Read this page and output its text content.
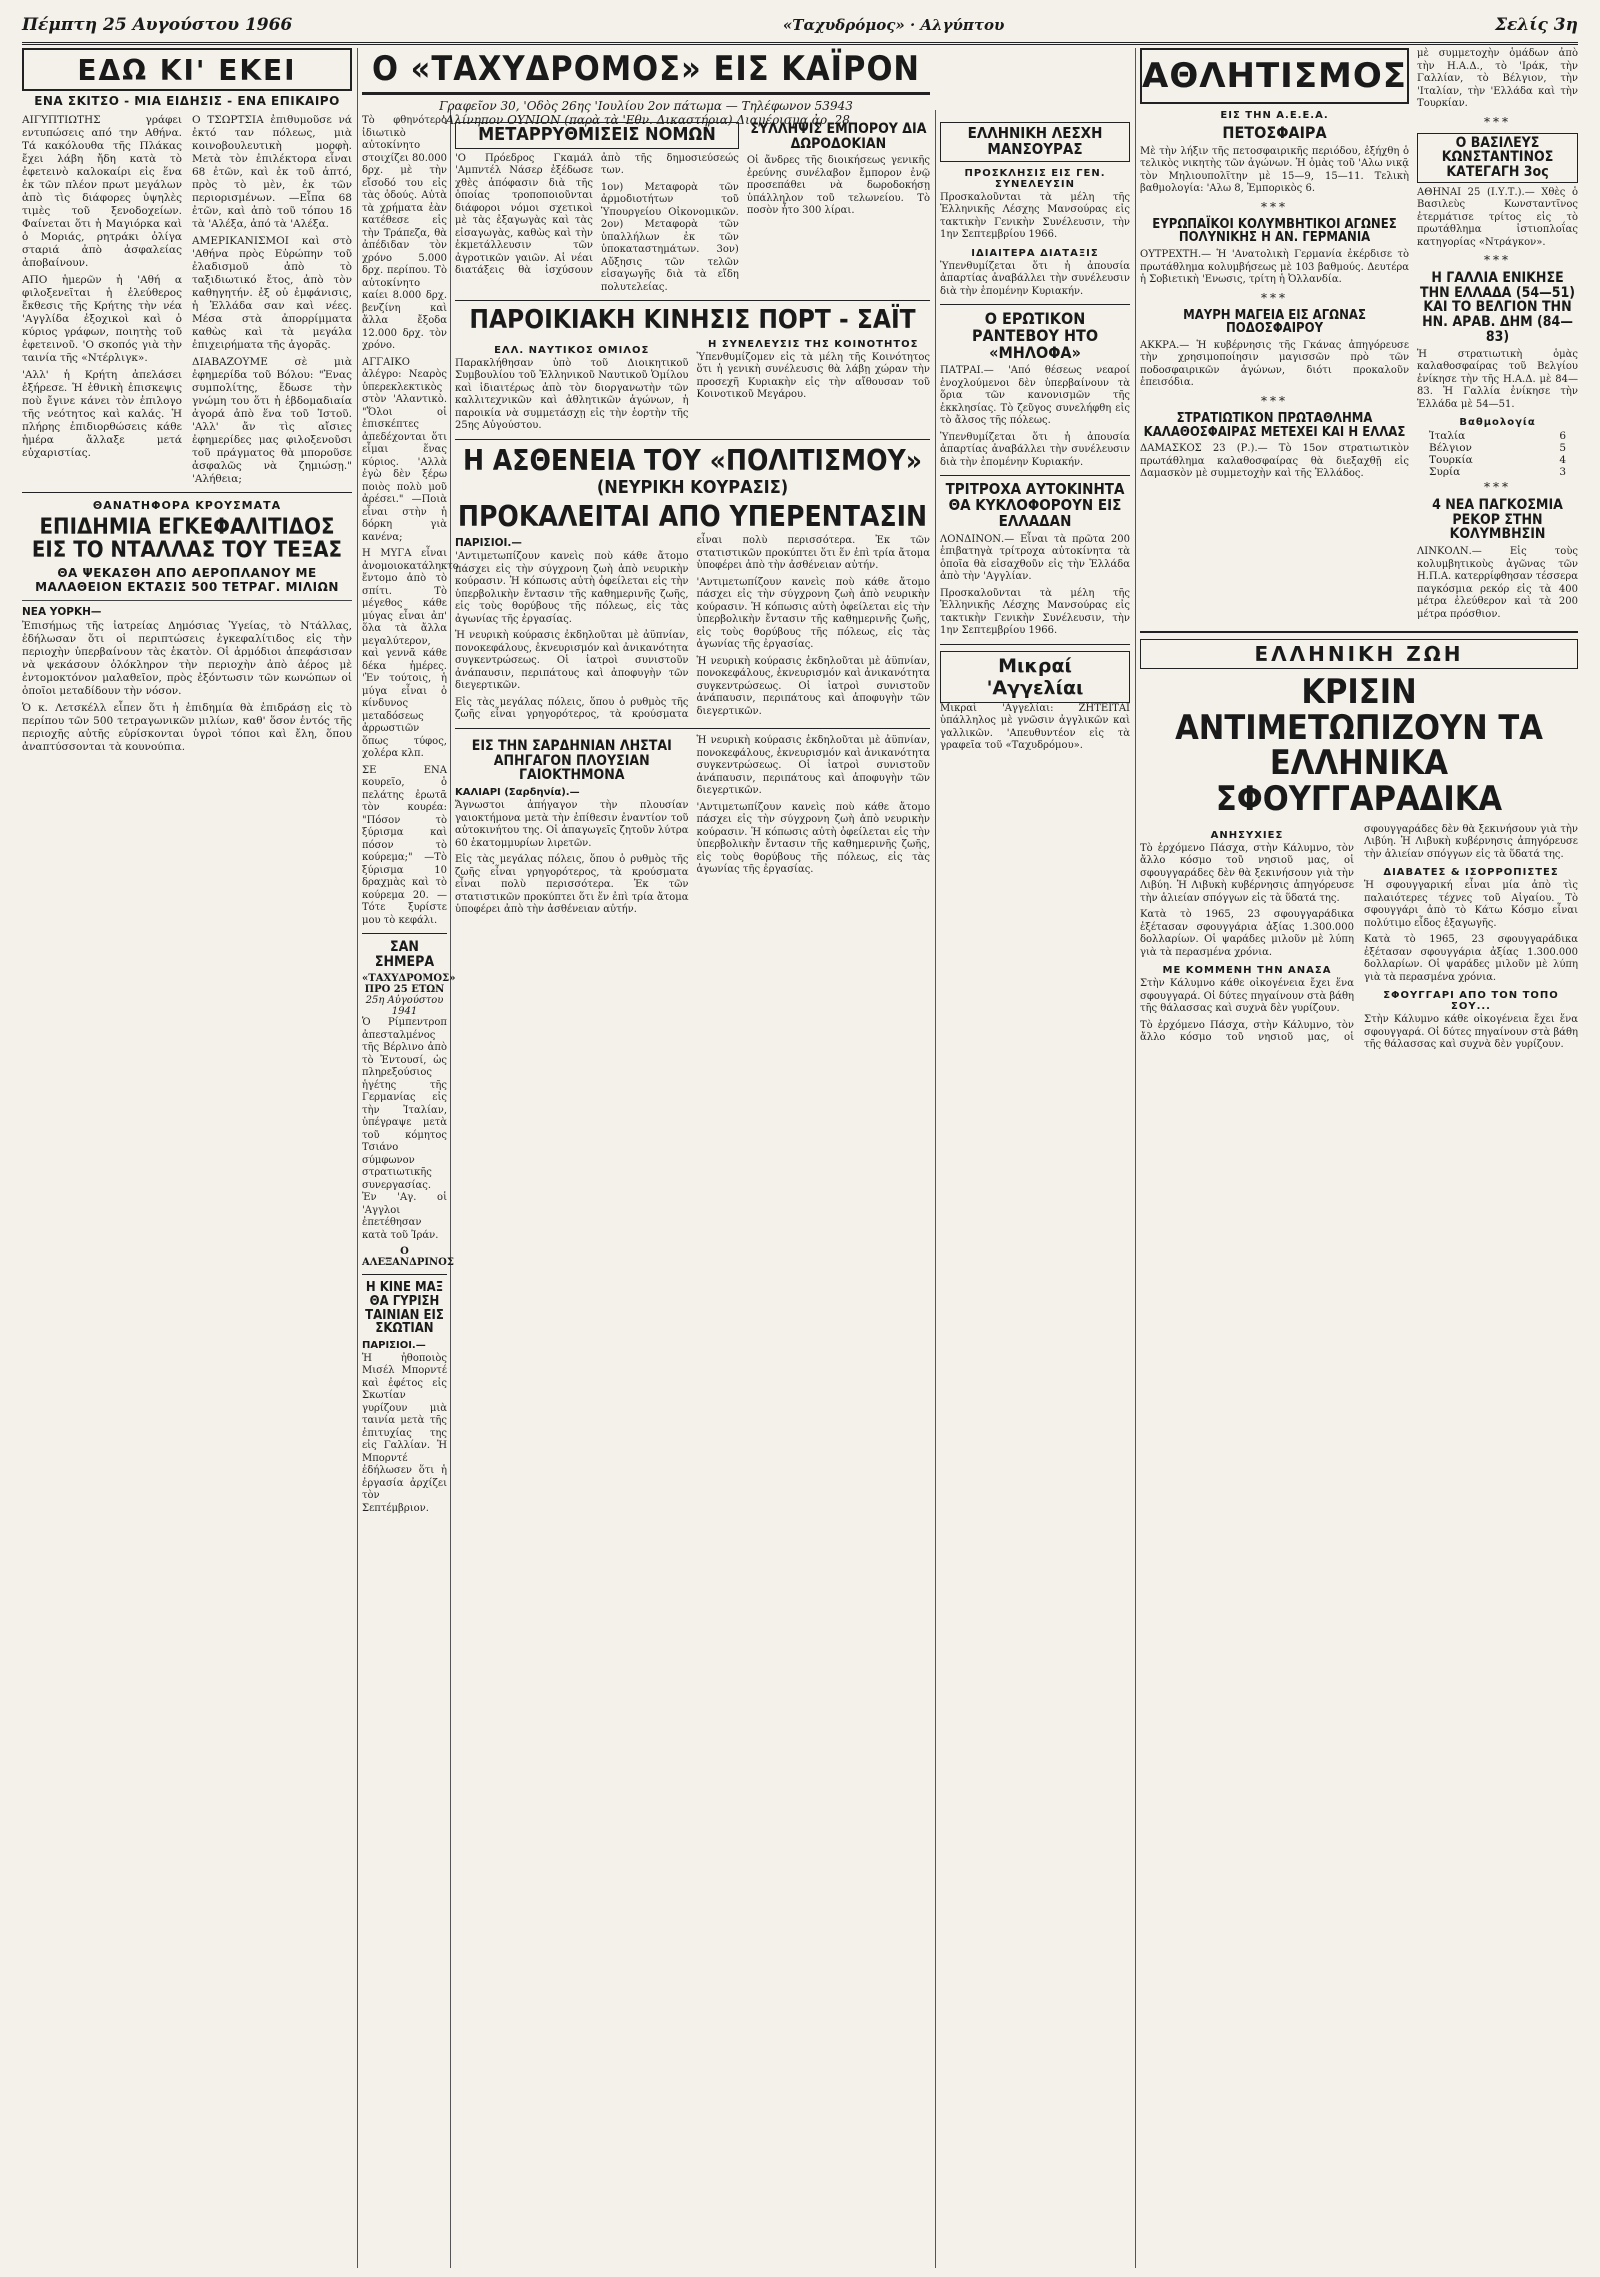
Πέμπτη 25 Αυγούστου 1966	«Ταχυδρόμος» · Αλγύπτου	Σελίς 3η
ΕΔΩ ΚΙ' ΕΚΕΙ
ΕΝΑ ΣΚΙΤΣΟ - ΜΙΑ ΕΙΔΗΣΙΣ - ΕΝΑ ΕΠΙΚΑΙΡΟ

ΑΙΓΥΠΤΙΩΤΗΣ γράφει εντυπώσεις από την Αθήνα. Τά κακόλουθα τῆς Πλάκας ἔχει λάβη ἤδη κατὰ τὸ ἐφετεινὸ καλοκαίρι εἰς ἕνα ἐκ τῶν πλέον πρωτ μεγάλων ἀπὸ τὶς διάφορες ὑψηλὲς τιμὲς τοῦ ξενοδοχείων. Φαίνεται ὅτι ἡ Μαγιόρκα καὶ ὁ Μοριάς, ρητράκι ὀλίγα σταριά ἀπὸ ἀσφαλείας ἀποβαίνουν.

ΑΠΟ ἡμερῶν ἡ 'Αθή α φιλοξενεῖται ἡ ἐλεύθερος ἔκθεσις τῆς Κρήτης τὴν νέα 'Αγγλίδα ἐξοχικοὶ καὶ ὁ κύριος γράφων, ποιητὴς τοῦ ἐφετεινοῦ. 'Ο σκοπός γιὰ τὴν ταινία τῆς «Ντέρλιγκ».

'Αλλ' ἡ Κρήτη ἀπελάσει ἐξήρεσε. Ἡ ἐθνικὴ ἐπισκεψις ποὺ ἔγινε κάνει τὸν ἐπιλογο τῆς νεότητος καὶ καλάς. Ἡ πλήρης ἐπιδιορθώσεις κάθε ἡμέρα ἄλλαξε μετά εὐχαριστίας.

Ο ΤΣΩΡΤΣΙΑ ἐπιθυμοῦσε νά ἐκτό ταν πόλεως, μιὰ κοινοβουλευτικὴ μορφὴ. Μετὰ τὸν ἐπιλέκτορα εἶναι 68 ἐτῶν, καὶ ἐκ τοῦ ἀπτό, πρὸς τὸ μὲν, ἐκ τῶν περιορισμένων. —Εἶπα 68 ἐτῶν, καὶ ἀπὸ τοῦ τόπου 1δ τὰ 'Αλέξα, ἀπό τὰ 'Αλέξα.

ΑΜΕΡΙΚΑΝΙΣΜΟΙ καὶ στὸ 'Αθήνα πρὸς Εὐρώπην τοῦ ἐλαδισμοῦ ἀπὸ τὸ ταξιδιωτικό ἔτος, ἀπὸ τὸν καθηγητήν. ἐξ οὐ ἐμφάνισις, ἡ Ἑλλάδα σαν καὶ νέες. Μέσα στὰ ἀπορρίμματα καθὼς καὶ τὰ μεγάλα ἐπιχειρήματα τῆς ἀγορᾶς.

ΔΙΑΒΑΖΟΥΜΕ σὲ μιὰ ἐφημερίδα τοῦ Βόλου: "Ἐνας συμπολίτης, ἔδωσε τὴν γνώμη του ὅτι ἡ ἑβδομαδιαία ἀγορά ἀπὸ ἕνα τοῦ Ἱστοῦ. 'Αλλ' ἄν τὶς αἴσιες ἐφημερίδες μας φιλοξενοῦσι τοῦ πράγματος θὰ μποροῦσε ἀσφαλῶς νὰ ζημιώσῃ." 'Αλήθεια;

ΘΑΝΑΤΗΦΟΡΑ ΚΡΟΥΣΜΑΤΑ
ΕΠΙΔΗΜΙΑ ΕΓΚΕΦΑΛΙΤΙΔΟΣ ΕΙΣ ΤΟ ΝΤΑΛΛΑΣ ΤΟΥ ΤΕΞΑΣ
ΘΑ ΨΕΚΑΣΘΗ ΑΠΟ ΑΕΡΟΠΛΑΝΟΥ ΜΕ ΜΑΛΑΘΕΙΟΝ ΕΚΤΑΣΙΣ 500 ΤΕΤΡΑΓ. ΜΙΛΙΩΝ
ΝΕΑ ΥΟΡΚΗ—

Ἐπισήμως τῆς ἰατρείας Δημόσιας Ὑγείας, τὸ Ντάλλας, ἐδήλωσαν ὅτι οἱ περιπτώσεις ἐγκεφαλίτιδος εἰς τὴν περιοχὴν ὑπερβαίνουν τὰς ἑκατὸν. Οἱ ἀρμόδιοι ἀπεφάσισαν νὰ ψεκάσουν ὁλόκληρον τὴν περιοχὴν ἀπὸ ἀέρος μὲ ἐντομοκτόνον μαλαθεῖον, πρὸς ἐξόντωσιν τῶν κωνώπων οἱ ὁποῖοι μεταδίδουν τὴν νόσον.

Ὁ κ. Λετσκέλλ εἶπεν ὅτι ἡ ἐπιδημία θὰ ἐπιδράσῃ εἰς τὸ περίπου τῶν 500 τετραγωνικῶν μιλίων, καθ' ὅσον ἐντός τῆς περιοχῆς αὐτῆς εὑρίσκονται ὑγροὶ τόποι καὶ ἔλη, ὅπου ἀναπτύσσονται τὰ κουνούπια.

Ο «ΤΑΧΥΔΡΟΜΟΣ» ΕΙΣ ΚΑΪΡΟΝ
Γραφεῖον 30, 'Οδὸς 26ης 'Ιουλίου 2ον πάτωμα — Τηλέφωνον 53943
'Αλίνηπον ΟΥΝΙΟΝ (παρὰ τὰ 'Εθν. Δικαστήρια) Διαμέρισμα ἀρ. 28

Τὸ φθηνότερο ἰδιωτικὸ αὐτοκίνητο στοιχίζει 80.000 δρχ. μὲ τὴν εἴσοδό του εἰς τὰς ὁδούς. Αὐτὰ τὰ χρήματα ἐὰν κατέθεσε εἰς τὴν Τράπεζα, θὰ ἀπέδιδαν τὸν χρόνο 5.000 δρχ. περίπου. Τὸ αὐτοκίνητο καίει 8.000 δρχ. βενζίνη καὶ ἄλλα ἔξοδα 12.000 δρχ. τὸν χρόνο.

ΑΓΓΑΙΚΟ ἀλέγρο: Νεαρὸς ὑπερεκλεκτικὸς στὸν 'Αλαντικὸ. "Ὅλοι οἱ ἐπισκέπτες ἀπεδέχονται ὅτι εἶμαι ἕνας κύριος. 'Αλλὰ ἐγὼ δὲν ξέρω ποιὸς πολὺ μοῦ ἀρέσει." —Ποιὰ εἶναι στὴν ἡ δόρκη γιὰ κανένα;

Η ΜΥΓΑ εἶναι ἀνομοιοκατάληκτο ἔντομο ἀπὸ τὸ σπίτι. Τὸ μέγεθος κάθε μύγας εἶναι ἀπ' ὅλα τὰ ἄλλα μεγαλύτερον, καὶ γεννᾶ κάθε δέκα ἡμέρες. 'Ἐν τούτοις, ἡ μύγα εἶναι ὁ κίνδυνος μεταδόσεως ἀρρωστιῶν ὅπως τύφος, χολέρα κλπ.

ΣΕ ΕΝΑ κουρεῖο, ὁ πελάτης ἐρωτᾶ τὸν κουρέα: "Πόσον τὸ ξύρισμα καὶ πόσον τὸ κούρεμα;" —Τὸ ξύρισμα 10 δραχμὰς καὶ τὸ κούρεμα 20. —Τότε ξυρίστε μου τὸ κεφάλι.

ΣΑΝ ΣΗΜΕΡΑ
«ΤΑΧΥΔΡΟΜΟΣ» ΠΡΟ 25 ΕΤΩΝ
25η Αὐγούστου 1941

Ὁ Ρίμπεντροπ ἀπεσταλμένος τῆς Βέρλινο ἀπὸ τὸ Ἐντουσί, ὡς πληρεξούσιος ἡγέτης τῆς Γερμανίας εἰς τὴν Ἰταλίαν, ὑπέγραψε μετὰ τοῦ κόμητος Τσιάνο σύμφωνον στρατιωτικῆς συνεργασίας. Ἐν 'Αγ. οἱ 'Αγγλοι ἐπετέθησαν κατὰ τοῦ Ἰράν.

Ο ΑΛΕΞΑΝΔΡΙΝΟΣ
Η ΚΙΝΕ ΜΑΞ ΘΑ ΓΥΡΙΣΗ ΤΑΙΝΙΑΝ ΕΙΣ ΣΚΩΤΙΑΝ
ΠΑΡΙΣΙΟΙ.—

Ἡ ἠθοποιὸς Μισέλ Μπορντέ καὶ ἐφέτος εἰς Σκωτίαν γυρίζουν μιὰ ταινία μετὰ τῆς ἐπιτυχίας της εἰς Γαλλίαν. Ἡ Μπορντέ ἐδήλωσεν ὅτι ἡ ἐργασία ἀρχίζει τὸν Σεπτέμβριον.

ΜΕΤΑΡΡΥΘΜΙΣΕΙΣ ΝΟΜΩΝ

'Ο Πρόεδρος Γκαμάλ 'Αμπντέλ Νάσερ ἐξέδωσε χθὲς ἀπόφασιν διὰ τῆς ὁποίας τροποποιοῦνται διάφοροι νόμοι σχετικοὶ μὲ τὰς ἐξαγωγὰς καὶ τὰς εἰσαγωγὰς, καθὼς καὶ τὴν ἐκμετάλλευσιν τῶν ἀγροτικῶν γαιῶν. Αἱ νέαι διατάξεις θὰ ἰσχύσουν ἀπὸ τῆς δημοσιεύσεώς των.

1ον) Μεταφορὰ τῶν ἀρμοδιοτήτων τοῦ Ὑπουργείου Οἰκονομικῶν. 2ον) Μεταφορὰ τῶν ὑπαλλήλων ἐκ τῶν ὑποκαταστημάτων. 3ον) Αὔξησις τῶν τελῶν εἰσαγωγῆς διὰ τὰ εἴδη πολυτελείας.

ΣΥΛΛΗΨΙΣ ΕΜΠΟΡΟΥ ΔΙΑ ΔΩΡΟΔΟΚΙΑΝ

Οἱ ἄνδρες τῆς διοικήσεως γενικῆς ἐρεύνης συνέλαβον ἔμπορον ἐνῷ προσεπάθει νὰ δωροδοκήσῃ ὑπάλληλον τοῦ τελωνείου. Τὸ ποσὸν ἦτο 300 λίραι.

ΠΑΡΟΙΚΙΑΚΗ ΚΙΝΗΣΙΣ ΠΟΡΤ - ΣΑΪΤ
ΕΛΛ. ΝΑΥΤΙΚΟΣ ΟΜΙΛΟΣ

Παρακλήθησαν ὑπὸ τοῦ Διοικητικοῦ Συμβουλίου τοῦ Ἑλληνικοῦ Ναυτικοῦ Ὁμίλου καὶ ἰδιαιτέρως ἀπὸ τὸν διοργανωτὴν τῶν καλλιτεχνικῶν καὶ ἀθλητικῶν ἀγώνων, ἡ παροικία νὰ συμμετάσχῃ εἰς τὴν ἑορτὴν τῆς 25ης Αὐγούστου.

Η ΣΥΝΕΛΕΥΣΙΣ ΤΗΣ ΚΟΙΝΟΤΗΤΟΣ

Ὑπενθυμίζομεν εἰς τὰ μέλη τῆς Κοινότητος ὅτι ἡ γενικὴ συνέλευσις θὰ λάβῃ χώραν τὴν προσεχῆ Κυριακὴν εἰς τὴν αἴθουσαν τοῦ Κοινοτικοῦ Μεγάρου.

Η ΑΣΘΕΝΕΙΑ ΤΟΥ «ΠΟΛΙΤΙΣΜΟΥ»
(ΝΕΥΡΙΚΗ ΚΟΥΡΑΣΙΣ)
ΠΡΟΚΑΛΕΙΤΑΙ ΑΠΟ ΥΠΕΡΕΝΤΑΣΙΝ
ΠΑΡΙΣΙΟΙ.—

'Αντιμετωπίζουν κανεὶς ποὺ κάθε ἄτομο πάσχει εἰς τὴν σύγχρονη ζωὴ ἀπὸ νευρικὴν κούρασιν. Ἡ κόπωσις αὐτὴ ὀφείλεται εἰς τὴν ὑπερβολικὴν ἔντασιν τῆς καθημερινῆς ζωῆς, εἰς τοὺς θορύβους τῆς πόλεως, εἰς τὰς ἀγωνίας τῆς ἐργασίας.

Ἡ νευρικὴ κούρασις ἐκδηλοῦται μὲ ἀϋπνίαν, πονοκεφάλους, ἐκνευρισμόν καὶ ἀνικανότητα συγκεντρώσεως. Οἱ ἰατροὶ συνιστοῦν ἀνάπαυσιν, περιπάτους καὶ ἀποφυγὴν τῶν διεγερτικῶν.

Εἰς τὰς μεγάλας πόλεις, ὅπου ὁ ρυθμὸς τῆς ζωῆς εἶναι γρηγορότερος, τὰ κρούσματα εἶναι πολὺ περισσότερα. Ἐκ τῶν στατιστικῶν προκύπτει ὅτι ἕν ἐπὶ τρία ἄτομα ὑποφέρει ἀπὸ τὴν ἀσθένειαν αὐτήν.

'Αντιμετωπίζουν κανεὶς ποὺ κάθε ἄτομο πάσχει εἰς τὴν σύγχρονη ζωὴ ἀπὸ νευρικὴν κούρασιν. Ἡ κόπωσις αὐτὴ ὀφείλεται εἰς τὴν ὑπερβολικὴν ἔντασιν τῆς καθημερινῆς ζωῆς, εἰς τοὺς θορύβους τῆς πόλεως, εἰς τὰς ἀγωνίας τῆς ἐργασίας.

Ἡ νευρικὴ κούρασις ἐκδηλοῦται μὲ ἀϋπνίαν, πονοκεφάλους, ἐκνευρισμόν καὶ ἀνικανότητα συγκεντρώσεως. Οἱ ἰατροὶ συνιστοῦν ἀνάπαυσιν, περιπάτους καὶ ἀποφυγὴν τῶν διεγερτικῶν.

ΕΙΣ ΤΗΝ ΣΑΡΔΗΝΙΑΝ ΛΗΣΤΑΙ ΑΠΗΓΑΓΟΝ ΠΛΟΥΣΙΑΝ ΓΑΙΟΚΤΗΜΟΝΑ
ΚΑΛΙΑΡΙ (Σαρδηνία).—

Ἄγνωστοι ἀπήγαγον τὴν πλουσίαν γαιοκτήμονα μετὰ τὴν ἐπίθεσιν ἐναντίον τοῦ αὐτοκινήτου της. Οἱ ἀπαγωγεῖς ζητοῦν λύτρα 60 ἑκατομμυρίων λιρετῶν.

Εἰς τὰς μεγάλας πόλεις, ὅπου ὁ ρυθμὸς τῆς ζωῆς εἶναι γρηγορότερος, τὰ κρούσματα εἶναι πολὺ περισσότερα. Ἐκ τῶν στατιστικῶν προκύπτει ὅτι ἕν ἐπὶ τρία ἄτομα ὑποφέρει ἀπὸ τὴν ἀσθένειαν αὐτήν.

Ἡ νευρικὴ κούρασις ἐκδηλοῦται μὲ ἀϋπνίαν, πονοκεφάλους, ἐκνευρισμόν καὶ ἀνικανότητα συγκεντρώσεως. Οἱ ἰατροὶ συνιστοῦν ἀνάπαυσιν, περιπάτους καὶ ἀποφυγὴν τῶν διεγερτικῶν.

'Αντιμετωπίζουν κανεὶς ποὺ κάθε ἄτομο πάσχει εἰς τὴν σύγχρονη ζωὴ ἀπὸ νευρικὴν κούρασιν. Ἡ κόπωσις αὐτὴ ὀφείλεται εἰς τὴν ὑπερβολικὴν ἔντασιν τῆς καθημερινῆς ζωῆς, εἰς τοὺς θορύβους τῆς πόλεως, εἰς τὰς ἀγωνίας τῆς ἐργασίας.

ΕΛΛΗΝΙΚΗ ΛΕΣΧΗ ΜΑΝΣΟΥΡΑΣ
ΠΡΟΣΚΛΗΣΙΣ ΕΙΣ ΓΕΝ. ΣΥΝΕΛΕΥΣΙΝ

Προσκαλοῦνται τὰ μέλη τῆς Ἑλληνικῆς Λέσχης Μανσούρας εἰς τακτικὴν Γενικὴν Συνέλευσιν, τὴν 1ην Σεπτεμβρίου 1966.

ΙΔΙΑΙΤΕΡΑ ΔΙΑΤΑΞΙΣ

Ὑπενθυμίζεται ὅτι ἡ ἀπουσία ἀπαρτίας ἀναβάλλει τὴν συνέλευσιν διὰ τὴν ἑπομένην Κυριακήν.

Ο ΕΡΩΤΙΚΟΝ ΡΑΝΤΕΒΟΥ ΗΤΟ «ΜΗΛΟΦΑ»

ΠΑΤΡΑΙ.— 'Από θέσεως νεαροί ἐνοχλούμενοι δὲν ὑπερβαίνουν τὰ ὅρια τῶν κανονισμῶν τῆς ἐκκλησίας. Τὸ ζεῦγος συνελήφθη εἰς τὸ ἄλσος τῆς πόλεως.

Ὑπενθυμίζεται ὅτι ἡ ἀπουσία ἀπαρτίας ἀναβάλλει τὴν συνέλευσιν διὰ τὴν ἑπομένην Κυριακήν.

ΤΡΙΤΡΟΧΑ ΑΥΤΟΚΙΝΗΤΑ ΘΑ ΚΥΚΛΟΦΟΡΟΥΝ ΕΙΣ ΕΛΛΑΔΑΝ

ΛΟΝΔΙΝΟΝ.— Εἶναι τὰ πρῶτα 200 ἐπιβατηγὰ τρίτροχα αὐτοκίνητα τὰ ὁποῖα θὰ εἰσαχθοῦν εἰς τὴν Ἑλλάδα ἀπὸ τὴν 'Αγγλίαν.

Προσκαλοῦνται τὰ μέλη τῆς Ἑλληνικῆς Λέσχης Μανσούρας εἰς τακτικὴν Γενικὴν Συνέλευσιν, τὴν 1ην Σεπτεμβρίου 1966.

Μικραί 'Αγγελίαι

Μικραὶ 'Αγγελίαι: ΖΗΤΕΙΤΑΙ ὑπάλληλος μὲ γνῶσιν ἀγγλικῶν καὶ γαλλικῶν. 'Απευθυντέον εἰς τὰ γραφεῖα τοῦ «Ταχυδρόμου».

ΑΘΛΗΤΙΣΜΟΣ
ΕΙΣ ΤΗΝ Α.Ε.Ε.Α.
ΠΕΤΟΣΦΑΙΡΑ

Μὲ τὴν λήξιν τῆς πετοσφαιρικῆς περιόδου, ἐξήχθη ὁ τελικὸς νικητὴς τῶν ἀγώνων. Ἡ ὁμὰς τοῦ 'Αλω νικᾷ τὸν Μηλιουπολῖτην μὲ 15—9, 15—11. Τελικὴ βαθμολογία: 'Αλω 8, Ἐμπορικὸς 6.

***
ΕΥΡΩΠΑΪΚΟΙ ΚΟΛΥΜΒΗΤΙΚΟΙ ΑΓΩΝΕΣ ΠΟΛΥΝΙΚΗΣ Η ΑΝ. ΓΕΡΜΑΝΙΑ

ΟΥΤΡΕΧΤΗ.— Ἡ 'Ανατολικὴ Γερμανία ἐκέρδισε τὸ πρωτάθλημα κολυμβήσεως μὲ 103 βαθμούς. Δευτέρα ἡ Σοβιετικὴ 'Ενωσις, τρίτη ἡ Ὀλλανδία.

***
ΜΑΥΡΗ ΜΑΓΕΙΑ ΕΙΣ ΑΓΩΝΑΣ ΠΟΔΟΣΦΑΙΡΟΥ

ΑΚΚΡΑ.— Ἡ κυβέρνησις τῆς Γκάνας ἀπηγόρευσε τὴν χρησιμοποίησιν μαγισσῶν πρὸ τῶν ποδοσφαιρικῶν ἀγώνων, διότι προκαλοῦν ἐπεισόδια.

***
ΣΤΡΑΤΙΩΤΙΚΟΝ ΠΡΩΤΑΘΛΗΜΑ ΚΑΛΑΘΟΣΦΑΙΡΑΣ ΜΕΤΕΧΕΙ ΚΑΙ Η ΕΛΛΑΣ

ΔΑΜΑΣΚΟΣ 23 (Ρ.).— Τὸ 15ον στρατιωτικὸν πρωτάθλημα καλαθοσφαίρας θὰ διεξαχθῇ εἰς Δαμασκὸν μὲ συμμετοχὴν καὶ τῆς Ἑλλάδος.

μὲ συμμετοχὴν ὁμάδων ἀπὸ τὴν Η.Α.Δ., τὸ 'Ιράκ, τὴν Γαλλίαν, τὸ Βέλγιον, τὴν 'Ιταλίαν, τὴν 'Ελλάδα καὶ τὴν Τουρκίαν.

***
Ο ΒΑΣΙΛΕΥΣ ΚΩΝΣΤΑΝΤΙΝΟΣ ΚΑΤΕΓΑΓΗ 3ος

ΑΘΗΝΑΙ 25 (Ι.Υ.Τ.).— Χθὲς ὁ Βασιλεὺς Κωνσταντῖνος ἐτερμάτισε τρίτος εἰς τὸ πρωτάθλημα ἱστιοπλοΐας κατηγορίας «Ντράγκον».

***
Η ΓΑΛΛΙΑ ΕΝΙΚΗΣΕ ΤΗΝ ΕΛΛΑΔΑ (54—51) ΚΑΙ ΤΟ ΒΕΛΓΙΟΝ ΤΗΝ ΗΝ. ΑΡΑΒ. ΔΗΜ (84—83)

Ἡ στρατιωτικὴ ὁμὰς καλαθοσφαίρας τοῦ Βελγίου ἐνίκησε τὴν τῆς Η.Α.Δ. μὲ 84—83. Ἡ Γαλλία ἐνίκησε τὴν Ἑλλάδα μὲ 54—51.

Βαθμολογία
Ἰταλία	6
Βέλγιον	5
Τουρκία	4
Συρία	3
***
4 ΝΕΑ ΠΑΓΚΟΣΜΙΑ ΡΕΚΟΡ ΣΤΗΝ ΚΟΛΥΜΒΗΣΙΝ

ΛΙΝΚΟΛΝ.— Εἰς τοὺς κολυμβητικοὺς ἀγῶνας τῶν Η.Π.Α. κατερρίφθησαν τέσσερα παγκόσμια ρεκόρ εἰς τὰ 400 μέτρα ἐλεύθερον καὶ τὰ 200 μέτρα πρόσθιον.

ΕΛΛΗΝΙΚΗ ΖΩΗ
ΚΡΙΣΙΝ ΑΝΤΙΜΕΤΩΠΙΖΟΥΝ ΤΑ ΕΛΛΗΝΙΚΑ ΣΦΟΥΓΓΑΡΑΔΙΚΑ
ΑΝΗΣΥΧΙΕΣ

Τὸ ἐρχόμενο Πάσχα, στὴν Κάλυμνο, τὸν ἄλλο κόσμο τοῦ νησιοῦ μας, οἱ σφουγγαράδες δὲν θὰ ξεκινήσουν γιὰ τὴν Λιβύη. Ἡ Λιβυκὴ κυβέρνησις ἀπηγόρευσε τὴν ἁλιείαν σπόγγων εἰς τὰ ὕδατά της.

Κατὰ τὸ 1965, 23 σφουγγαράδικα ἐξέτασαν σφουγγάρια ἀξίας 1.300.000 δολλαρίων. Οἱ ψαράδες μιλοῦν μὲ λύπη γιὰ τὰ περασμένα χρόνια.

ΜΕ ΚΟΜΜΕΝΗ ΤΗΝ ΑΝΑΣΑ

Στὴν Κάλυμνο κάθε οἰκογένεια ἔχει ἕνα σφουγγαρά. Οἱ δύτες πηγαίνουν στὰ βάθη τῆς θάλασσας καὶ συχνὰ δὲν γυρίζουν.

Τὸ ἐρχόμενο Πάσχα, στὴν Κάλυμνο, τὸν ἄλλο κόσμο τοῦ νησιοῦ μας, οἱ σφουγγαράδες δὲν θὰ ξεκινήσουν γιὰ τὴν Λιβύη. Ἡ Λιβυκὴ κυβέρνησις ἀπηγόρευσε τὴν ἁλιείαν σπόγγων εἰς τὰ ὕδατά της.

ΔΙΑΒΑΤΕΣ & ΙΣΟΡΡΟΠΙΣΤΕΣ

Ἡ σφουγγαρική εἶναι μία ἀπὸ τὶς παλαιότερες τέχνες τοῦ Αἰγαίου. Τὸ σφουγγάρι ἀπὸ τὸ Κάτω Κόσμο εἶναι πολύτιμο εἶδος ἐξαγωγῆς.

Κατὰ τὸ 1965, 23 σφουγγαράδικα ἐξέτασαν σφουγγάρια ἀξίας 1.300.000 δολλαρίων. Οἱ ψαράδες μιλοῦν μὲ λύπη γιὰ τὰ περασμένα χρόνια.

ΣΦΟΥΓΓΑΡΙ ΑΠΟ ΤΟΝ ΤΟΠΟ ΣΟΥ...

Στὴν Κάλυμνο κάθε οἰκογένεια ἔχει ἕνα σφουγγαρά. Οἱ δύτες πηγαίνουν στὰ βάθη τῆς θάλασσας καὶ συχνὰ δὲν γυρίζουν.
